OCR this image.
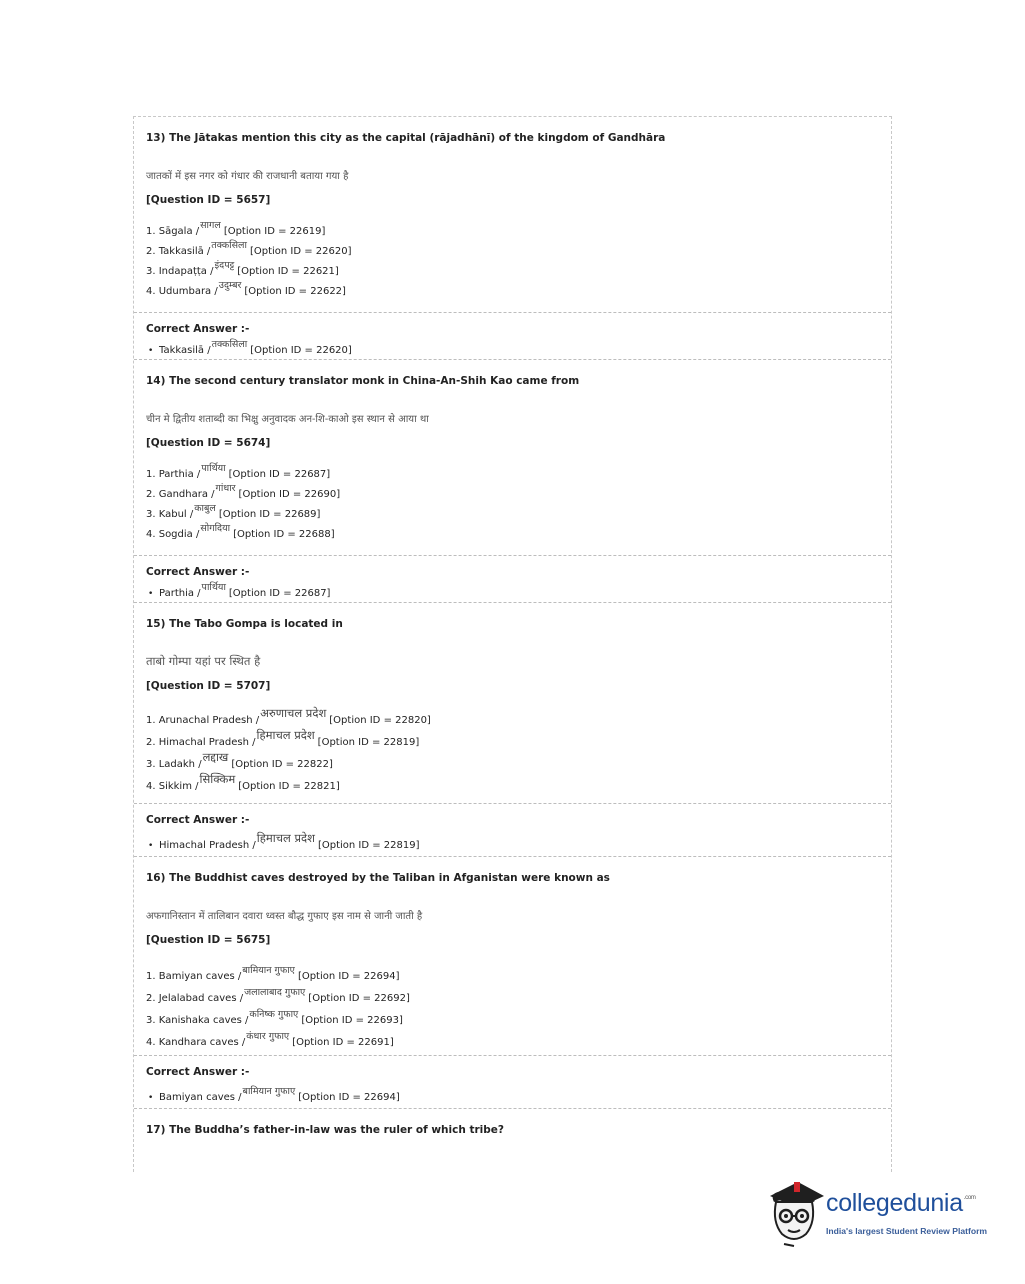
13) The Jātakas mention this city as the capital (rājadhānī) of the kingdom of Gandhāra
जातकों में इस नगर को गंधार की राजधानी बताया गया है
[Question ID = 5657]
1. Sāgala /सागल[Option ID = 22619]
2. Takkasilā /तक्कसिला[Option ID = 22620]
3. Indapaṭṭa /इंदपट्ट[Option ID = 22621]
4. Udumbara /उदुम्बर[Option ID = 22622]
Correct Answer :-
• Takkasilā /तक्कसिला[Option ID = 22620]
14) The second century translator monk in China-An-Shih Kao came from
चीन मे द्वितीय शताब्दी का भिक्षु अनुवादक अन-शि-काओ इस स्थान से आया था
[Question ID = 5674]
1. Parthia /पार्थिया[Option ID = 22687]
2. Gandhara /गांधार[Option ID = 22690]
3. Kabul /काबुल[Option ID = 22689]
4. Sogdia /सोगदिया[Option ID = 22688]
Correct Answer :-
• Parthia /पार्थिया[Option ID = 22687]
15) The Tabo Gompa is located in
ताबो गोम्पा यहां पर स्थित है
[Question ID = 5707]
1. Arunachal Pradesh /अरुणाचल प्रदेश[Option ID = 22820]
2. Himachal Pradesh /हिमाचल प्रदेश[Option ID = 22819]
3. Ladakh /लद्दाख[Option ID = 22822]
4. Sikkim /सिक्किम[Option ID = 22821]
Correct Answer :-
• Himachal Pradesh /हिमाचल प्रदेश[Option ID = 22819]
16) The Buddhist caves destroyed by the Taliban in Afganistan were known as
अफगानिस्तान में तालिबान दवारा ध्वस्त बौद्ध गुफाए इस नाम से जानी जाती है
[Question ID = 5675]
1. Bamiyan caves /बामियान गुफाए[Option ID = 22694]
2. Jelalabad caves /जलालाबाद गुफाए[Option ID = 22692]
3. Kanishaka caves /कनिष्क गुफाए[Option ID = 22693]
4. Kandhara caves /कंधार गुफाए[Option ID = 22691]
Correct Answer :-
• Bamiyan caves /बामियान गुफाए[Option ID = 22694]
17) The Buddha’s father-in-law was the ruler of which tribe?
collegedunia$^{.com}$
India's largest Student Review Platform
